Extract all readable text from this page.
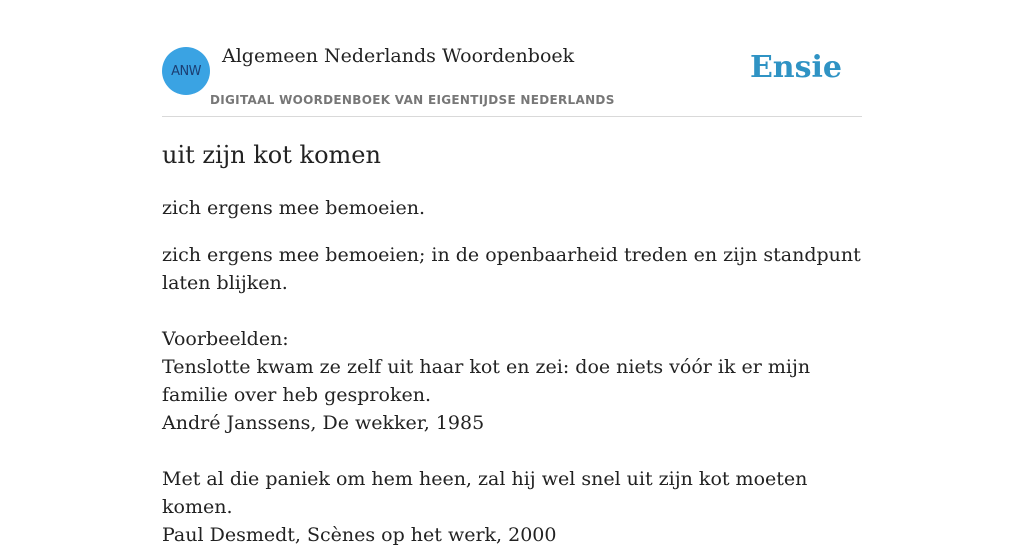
ANW
Algemeen Nederlands Woordenboek
DIGITAAL WOORDENBOEK VAN EIGENTIJDSE NEDERLANDS
Ensie
uit zijn kot komen

zich ergens mee bemoeien.

zich ergens mee bemoeien; in de openbaarheid treden en zijn standpunt laten blijken.
Voorbeelden:
Tenslotte kwam ze zelf uit haar kot en zei: doe niets vóór ik er mijn familie over heb gesproken.
André Janssens, De wekker, 1985
Met al die paniek om hem heen, zal hij wel snel uit zijn kot moeten komen.
Paul Desmedt, Scènes op het werk, 2000
